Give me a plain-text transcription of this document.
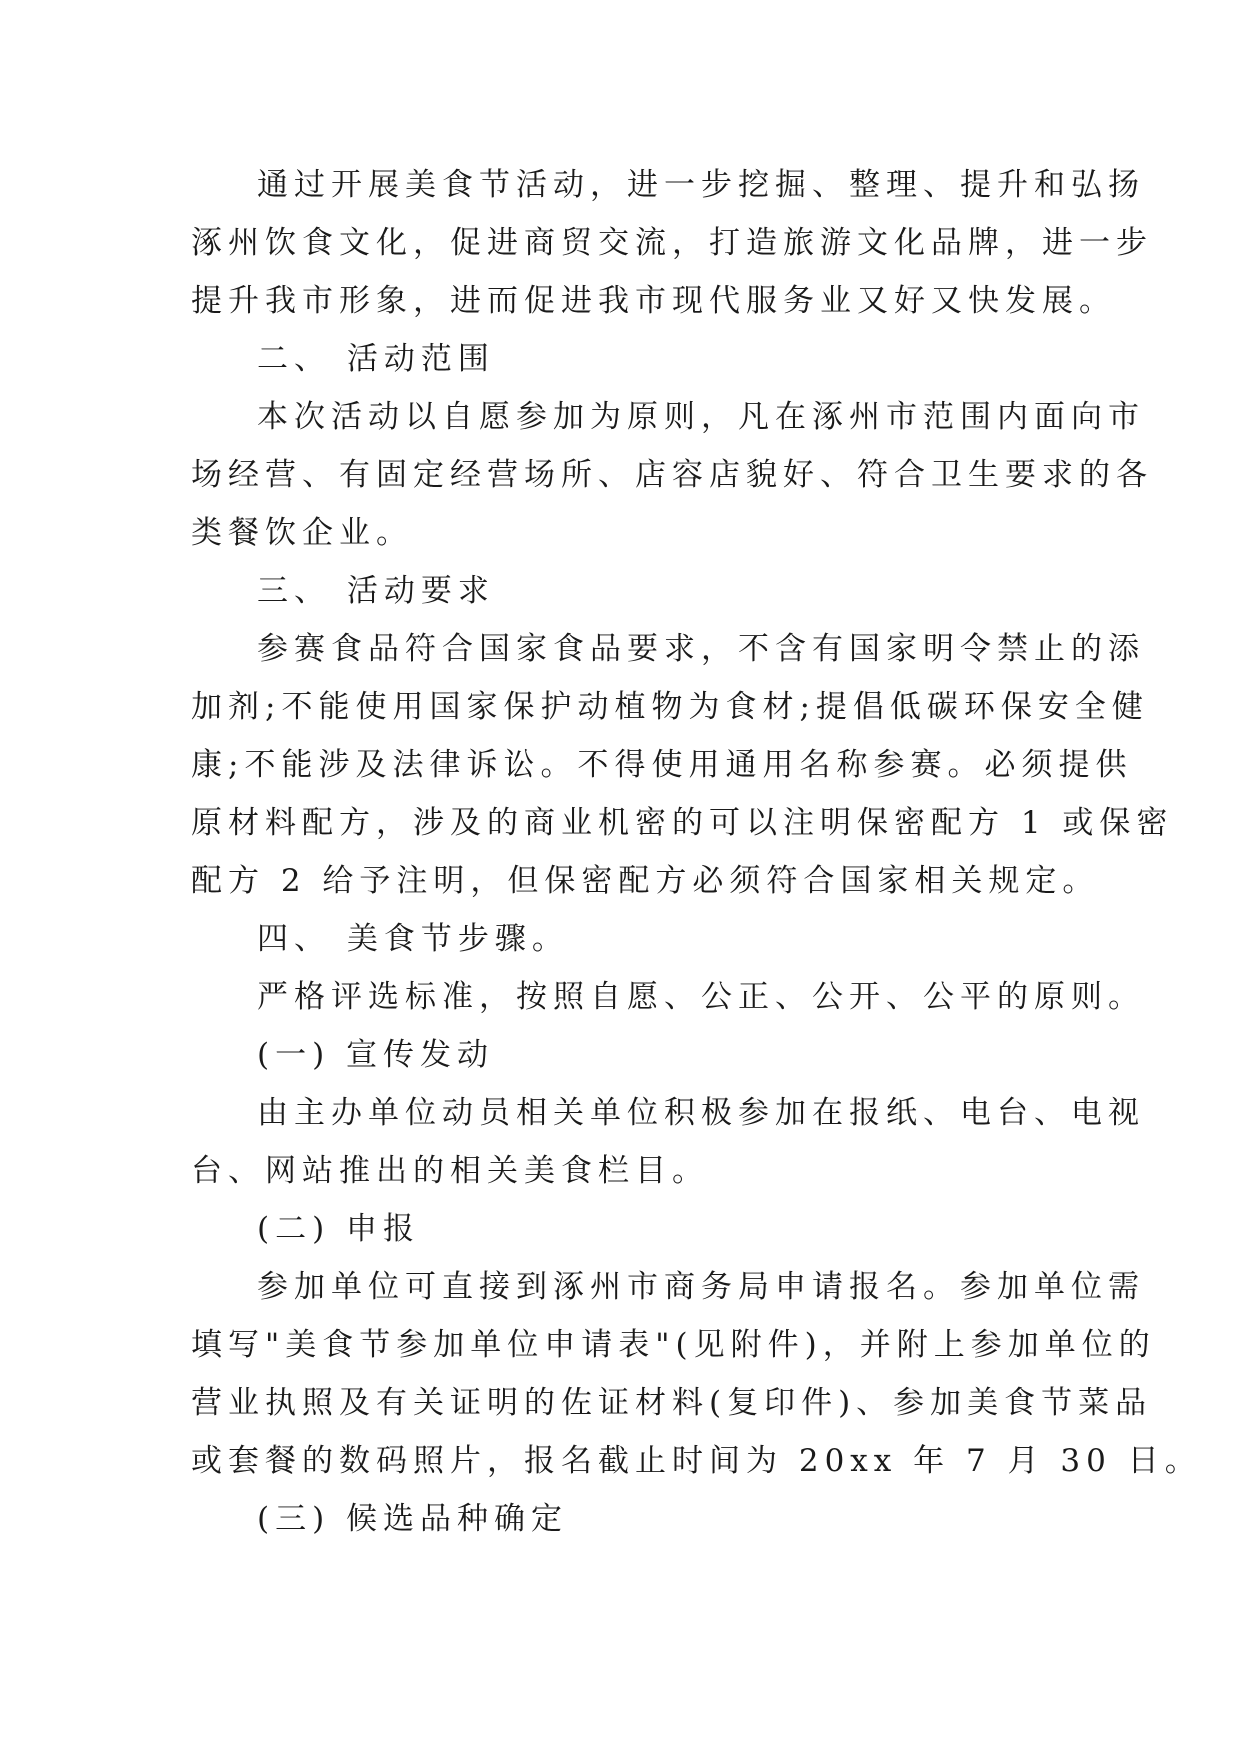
通过开展美食节活动，进一步挖掘、整理、提升和弘扬
涿州饮食文化，促进商贸交流，打造旅游文化品牌，进一步
提升我市形象，进而促进我市现代服务业又好又快发展。
二、 活动范围
本次活动以自愿参加为原则，凡在涿州市范围内面向市
场经营、有固定经营场所、店容店貌好、符合卫生要求的各
类餐饮企业。
三、 活动要求
参赛食品符合国家食品要求，不含有国家明令禁止的添
加剂;不能使用国家保护动植物为食材;提倡低碳环保安全健
康;不能涉及法律诉讼。不得使用通用名称参赛。必须提供
原材料配方，涉及的商业机密的可以注明保密配方 1 或保密
配方 2 给予注明，但保密配方必须符合国家相关规定。
四、 美食节步骤。
严格评选标准，按照自愿、公正、公开、公平的原则。
(一) 宣传发动
由主办单位动员相关单位积极参加在报纸、电台、电视
台、网站推出的相关美食栏目。
(二) 申报
参加单位可直接到涿州市商务局申请报名。参加单位需
填写"美食节参加单位申请表"(见附件)，并附上参加单位的
营业执照及有关证明的佐证材料(复印件)、参加美食节菜品
或套餐的数码照片，报名截止时间为 20xx 年 7 月 30 日。
(三) 候选品种确定
